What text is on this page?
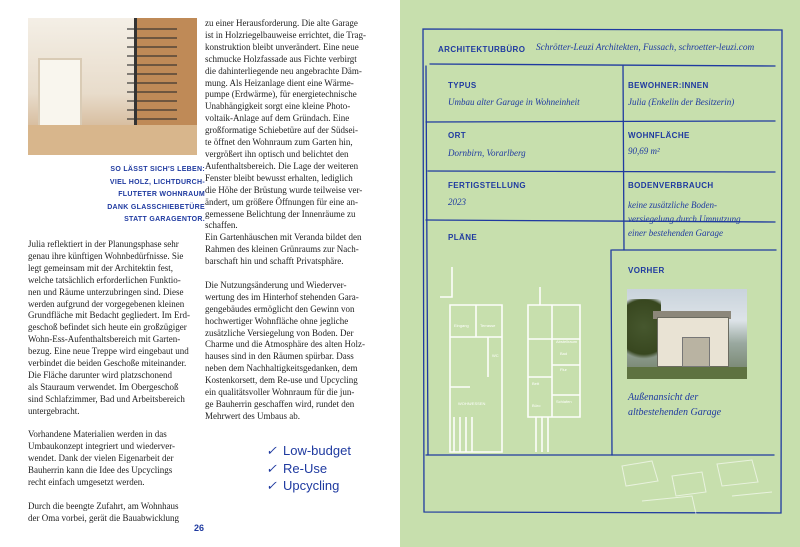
SO LÄSST SICH'S LEBEN:
VIEL HOLZ, LICHTDURCH-
FLUTETER WOHNRAUM
DANK GLASSCHIEBETÜRE
STATT GARAGENTOR.

Julia reflektiert in der Planungsphase sehr
genau ihre künftigen Wohnbedürfnisse. Sie
legt gemeinsam mit der Architektin fest,
welche tatsächlich erforderlichen Funktio-
nen und Räume unterzubringen sind. Diese
werden aufgrund der vorgegebenen kleinen
Grundfläche mit Bedacht gegliedert. Im Erd-
geschoß befindet sich heute ein großzügiger
Wohn-Ess-Aufenthaltsbereich mit Garten-
bezug. Eine neue Treppe wird eingebaut und
verbindet die beiden Geschoße miteinander.
Die Fläche darunter wird platzschonend
als Stauraum verwendet. Im Obergeschoß
sind Schlafzimmer, Bad und Arbeitsbereich
untergebracht.

Vorhandene Materialien werden in das
Umbaukonzept integriert und wiederver-
wendet. Dank der vielen Eigenarbeit der
Bauherrin kann die Idee des Upcyclings
recht einfach umgesetzt werden.

Durch die beengte Zufahrt, am Wohnhaus
der Oma vorbei, gerät die Bauabwicklung

zu einer Herausforderung. Die alte Garage
ist in Holzriegelbauweise errichtet, die Trag-
konstruktion bleibt unverändert. Eine neue
schmucke Holzfassade aus Fichte verbirgt
die dahinterliegende neu angebrachte Däm-
mung. Als Heizanlage dient eine Wärme-
pumpe (Erdwärme), für energietechnische
Unabhängigkeit sorgt eine kleine Photo-
voltaik-Anlage auf dem Gründach. Eine
großformatige Schiebetüre auf der Südsei-
te öffnet den Wohnraum zum Garten hin,
vergrößert ihn optisch und belichtet den
Aufenthaltsbereich. Die Lage der weiteren
Fenster bleibt bewusst erhalten, lediglich
die Höhe der Brüstung wurde teilweise ver-
ändert, um größere Öffnungen für eine an-
gemessene Belichtung der Innenräume zu
schaffen.
Ein Gartenhäuschen mit Veranda bildet den
Rahmen des kleinen Grünraums zur Nach-
barschaft hin und schafft Privatsphäre.

Die Nutzungsänderung und Wiederver-
wertung des im Hinterhof stehenden Gara-
gengebäudes ermöglicht den Gewinn von
hochwertiger Wohnfläche ohne jegliche
zusätzliche Versiegelung von Boden. Der
Charme und die Atmosphäre des alten Holz-
hauses sind in den Räumen spürbar. Dass
neben dem Nachhaltigkeitsgedanken, dem
Kostenkorsett, dem Re-use und Upcycling
ein qualitätsvoller Wohnraum für die jun-
ge Bauherrin geschaffen wird, rundet den
Mehrwert des Umbaus ab.

✓ Low-budget
✓ Re-Use
✓ Upcycling
26
ARCHITEKTURBÜRO Schrötter-Leuzi Architekten, Fussach, schroetter-leuzi.com
TYPUS
Umbau alter Garage in Wohneinheit
BEWOHNER:INNEN
Julia (Enkelin der Besitzerin)
ORT
Dornbirn, Vorarlberg
WOHNFLÄCHE
90,69 m²
FERTIGSTELLUNG
2023
BODENVERBRAUCH
keine zusätzliche Boden-
versiegelung durch Umnutzung
einer bestehenden Garage
PLÄNE
VORHER
Eingang	Terrasse
WC
WOHN/ESSEN
Abstellraum
Bad
Flur
Bett
Schlafen
Büro
Außenansicht der
altbestehenden Garage
